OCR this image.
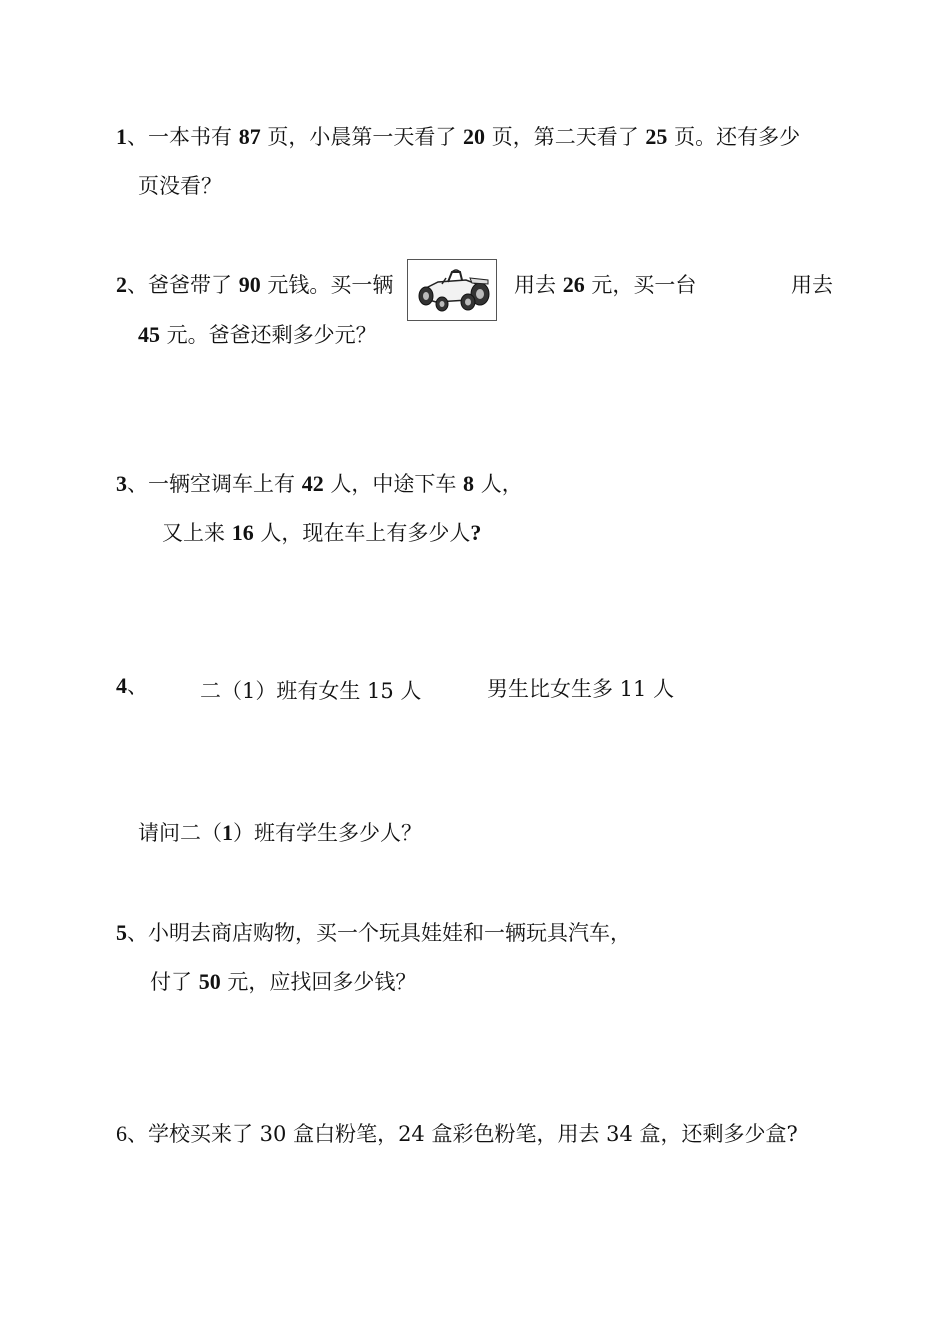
1、一本书有 87 页，小晨第一天看了 20 页，第二天看了 25 页。还有多少
页没看？
2、爸爸带了 90 元钱。买一辆	用去 26 元，买一台	用去
45 元。爸爸还剩多少元？
3、一辆空调车上有 42 人，中途下车 8 人，
又上来 16 人，现在车上有多少人?
4、 二（1）班有女生 15 人	男生比女生多 11 人
请问二（1）班有学生多少人？
5、小明去商店购物，买一个玩具娃娃和一辆玩具汽车，
付了 50 元，应找回多少钱？
6、学校买来了 30 盒白粉笔，24 盒彩色粉笔，用去 34 盒，还剩多少盒?
